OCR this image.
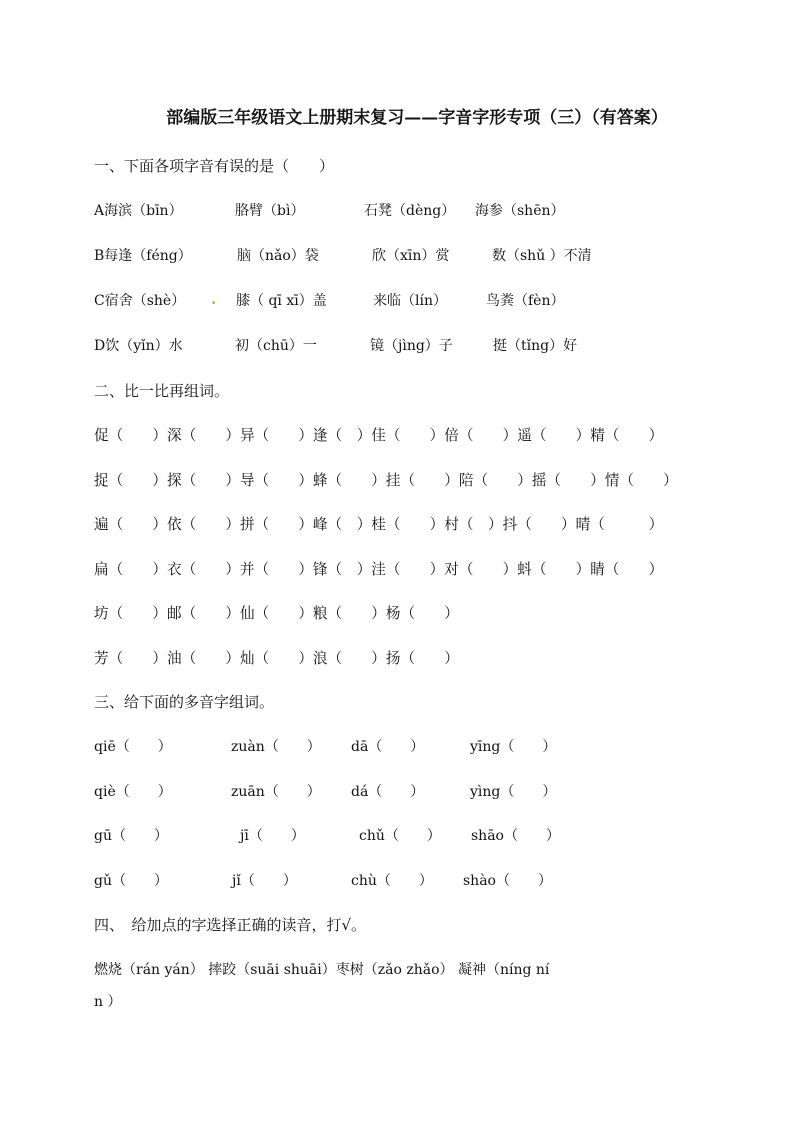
部编版三年级语文上册期末复习——字音字形专项（三）（有答案）
一、下面各项字音有误的是（　　）
A海滨（bīn）	胳臂（bì）	石凳（dèng） 海参（shēn）
B每逢（féng）	脑（nǎo）袋	欣（xīn）赏	数（shǔ ）不清
C宿舍（shè） . 膝（ qī xī）盖	来临（lín）	鸟粪（fèn）
D饮（yǐn）水	初（chū）一	镜（jìng）子	挺（tǐng）好
二、比一比再组词。
促（　　）深（　　）异（　　）逢（　）佳（　　）倍（　　）遥（　　）精（　　）
捉（　　）探（　　）导（　　）蜂（　　）挂（　　）陪（　　）摇（　　）情（　　）
遍（　　）依（　　）拼（　　）峰（　）桂（　　）村（　）抖（　　）晴（　　　）
扁（　　）衣（　　）并（　　）锋（　）洼（　　）对（　　）蚪（　　）睛（　　）
坊（　　）邮（　　）仙（　　）粮（　　）杨（　　）
芳（　　）油（　　）灿（　　）浪（　　）扬（　　）
三、给下面的多音字组词。
qiē（　　）	zuàn（　　） dā（　　）	yīng（　　）
qiè（　　）	zuān（　　） dá（　　）	yìng（　　）
gū（　　）	jī（　　）	chǔ（　　） shāo（　　）
gǔ（　　）	jǐ（　　）	chù（　　） shào（　　）
四、　给加点的字选择正确的读音，打√。
燃烧（rán yán） 摔跤（suāi shuāi）枣树（zǎo zhǎo） 凝神（níng ní
n ）
